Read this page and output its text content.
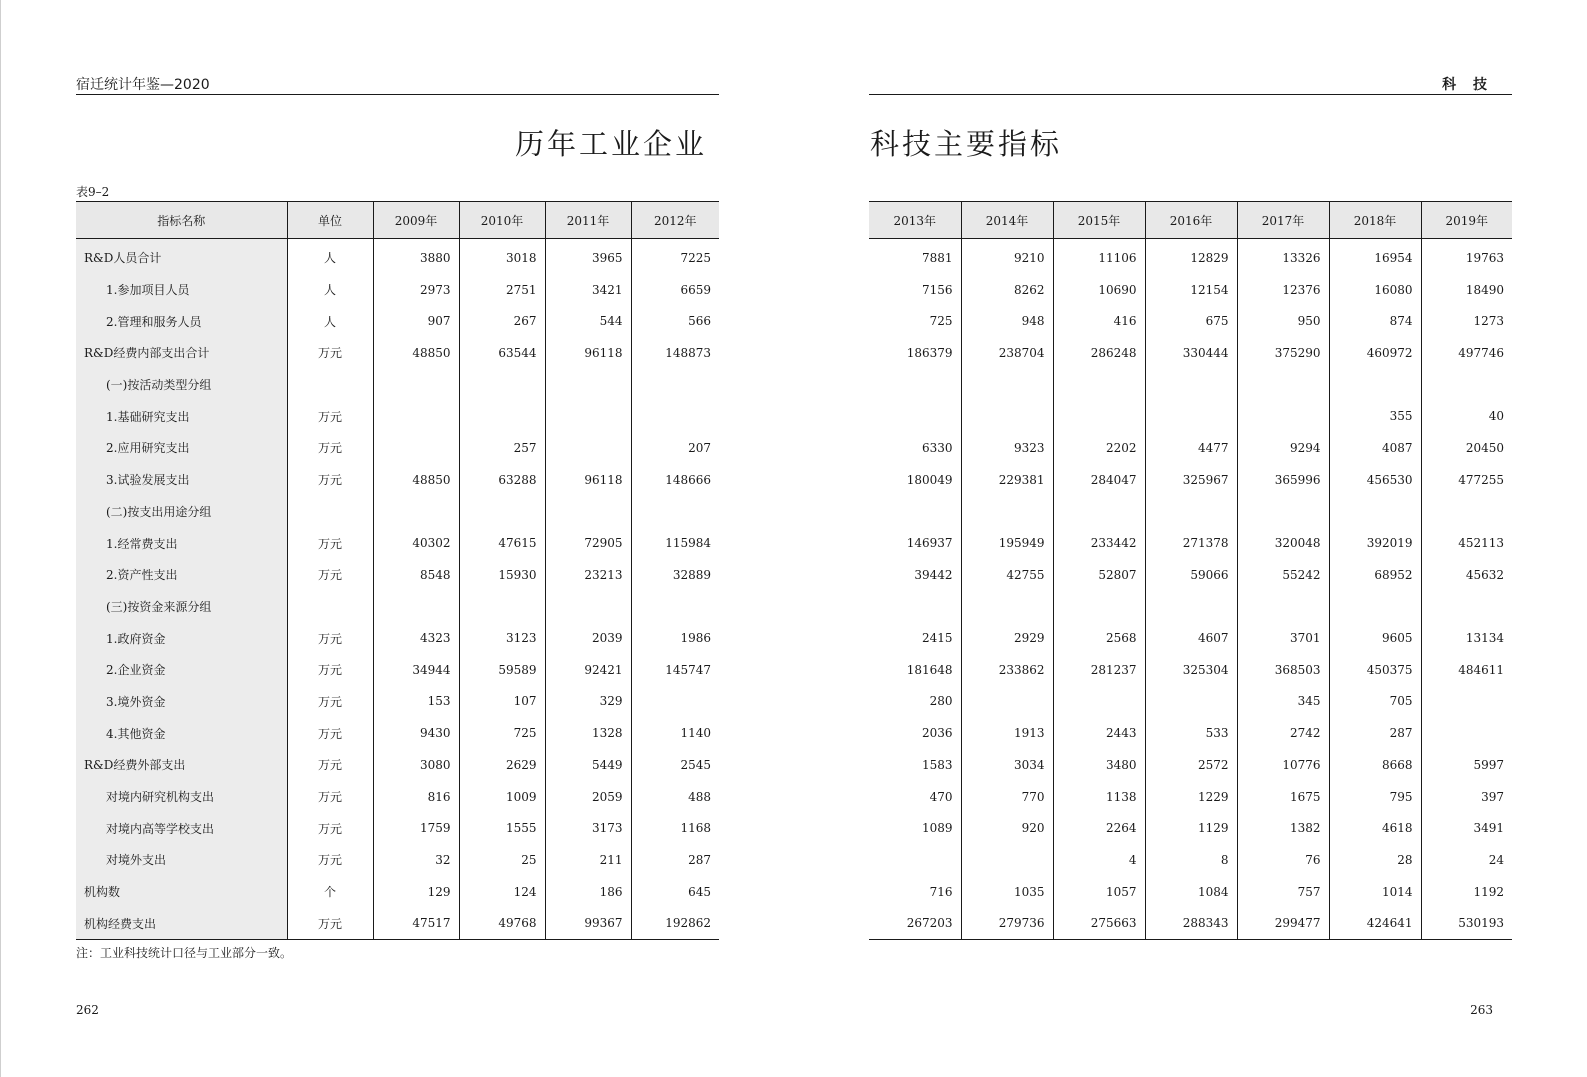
宿迁统计年鉴—2020	科 技
历年工业企业	科技主要指标
表9–2
指标名称	单位	2009年	2010年	2011年	2012年
R&D人员合计	人	3880	3018	3965	7225
1.参加项目人员	人	2973	2751	3421	6659
2.管理和服务人员	人	907	267	544	566
R&D经费内部支出合计	万元	48850	63544	96118	148873
(一)按活动类型分组					
1.基础研究支出	万元				
2.应用研究支出	万元		257		207
3.试验发展支出	万元	48850	63288	96118	148666
(二)按支出用途分组					
1.经常费支出	万元	40302	47615	72905	115984
2.资产性支出	万元	8548	15930	23213	32889
(三)按资金来源分组					
1.政府资金	万元	4323	3123	2039	1986
2.企业资金	万元	34944	59589	92421	145747
3.境外资金	万元	153	107	329	
4.其他资金	万元	9430	725	1328	1140
R&D经费外部支出	万元	3080	2629	5449	2545
对境内研究机构支出	万元	816	1009	2059	488
对境内高等学校支出	万元	1759	1555	3173	1168
对境外支出	万元	32	25	211	287
机构数	个	129	124	186	645
机构经费支出	万元	47517	49768	99367	192862
2013年	2014年	2015年	2016年	2017年	2018年	2019年
7881	9210	11106	12829	13326	16954	19763
7156	8262	10690	12154	12376	16080	18490
725	948	416	675	950	874	1273
186379	238704	286248	330444	375290	460972	497746

					355	40
6330	9323	2202	4477	9294	4087	20450
180049	229381	284047	325967	365996	456530	477255

146937	195949	233442	271378	320048	392019	452113
39442	42755	52807	59066	55242	68952	45632

2415	2929	2568	4607	3701	9605	13134
181648	233862	281237	325304	368503	450375	484611
280				345	705	
2036	1913	2443	533	2742	287	
1583	3034	3480	2572	10776	8668	5997
470	770	1138	1229	1675	795	397
1089	920	2264	1129	1382	4618	3491
		4	8	76	28	24
716	1035	1057	1084	757	1014	1192
267203	279736	275663	288343	299477	424641	530193
注：工业科技统计口径与工业部分一致。
262	263
